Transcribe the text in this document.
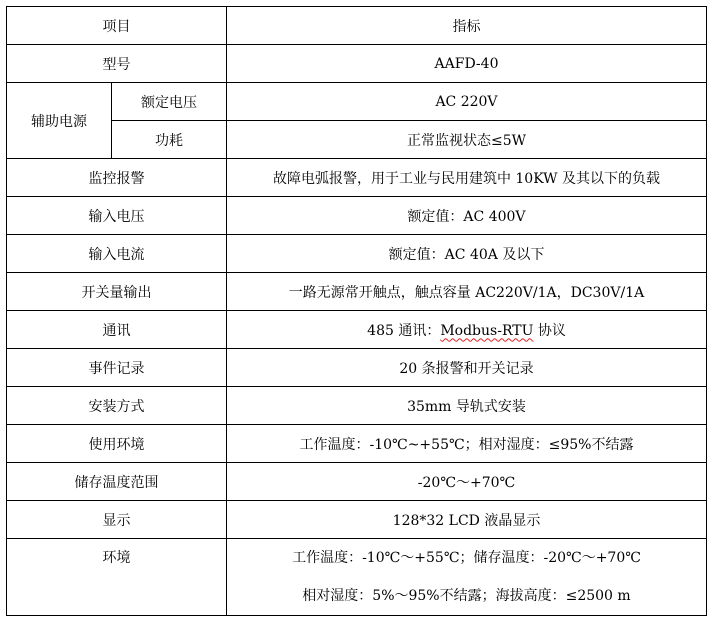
项目		指标
型号		AAFD-40
辅助电源	额定电压	AC 220V
	功耗	正常监视状态≤5W
监控报警		故障电弧报警，用于工业与民用建筑中 10KW 及其以下的负载
输入电压		额定值：AC 400V
输入电流		额定值：AC 40A 及以下
开关量输出		一路无源常开触点，触点容量 AC220V/1A，DC30V/1A
通讯		485 通讯：Modbus-RTU 协议
事件记录		20 条报警和开关记录
安装方式		35mm 导轨式安装
使用环境		工作温度：-10℃~+55℃；相对湿度：≤95%不结露
储存温度范围		-20℃～+70℃
显示		128*32 LCD 液晶显示

环境		工作温度：-10℃～+55℃；储存温度：-20℃～+70℃
相对湿度：5%～95%不结露；海拔高度：≤2500 m
